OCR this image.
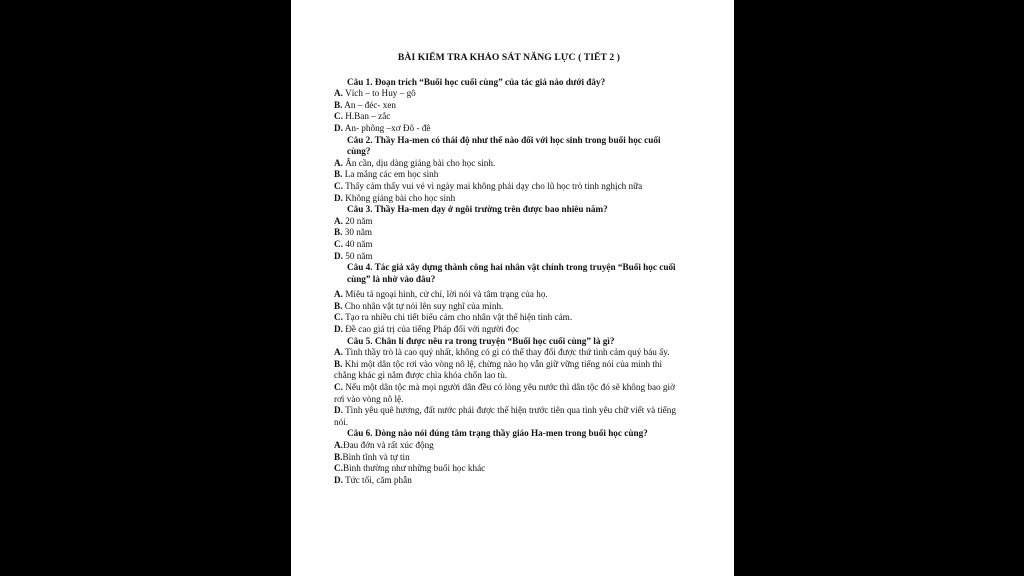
BÀI KIỂM TRA KHẢO SÁT NĂNG LỰC ( TIẾT 2 )
Câu 1. Đoạn trích “Buổi học cuối cùng” của tác giả nào dưới đây?
A. Vích – to Huy – gô
B. An – đéc- xen
C. H.Ban – zắc
D. An- phông –xơ Đô - đê
Câu 2. Thầy Ha-men có thái độ như thế nào đối với học sinh trong buổi học cuối cùng?
A. Ân cần, dịu dàng giảng bài cho học sinh.
B. La mắng các em học sinh
C. Thấy cảm thấy vui vẻ vì ngày mai không phải dạy cho lũ học trò tinh nghịch nữa
D. Không giảng bài cho học sinh
Câu 3. Thầy Ha-men dạy ở ngôi trường trên được bao nhiêu năm?
A. 20 năm
B. 30 năm
C. 40 năm
D. 50 năm
Câu 4. Tác giả xây dựng thành công hai nhân vật chính trong truyện “Buổi học cuối cùng” là nhờ vào đâu?
A. Miêu tả ngoại hình, cử chỉ, lời nói và tâm trạng của họ.
B. Cho nhân vật tự nói lên suy nghĩ của mình.
C. Tạo ra nhiều chi tiết biểu cảm cho nhân vật thể hiện tình cảm.
D. Đề cao giá trị của tiếng Pháp đối với người đọc
Câu 5. Chân lí được nêu ra trong truyện “Buổi học cuối cùng” là gì?
A. Tình thầy trò là cao quý nhất, không có gì có thể thay đổi được thứ tình cảm quý báu ấy.
B. Khi một dân tộc rơi vào vòng nô lệ, chừng nào họ vẫn giữ vững tiếng nói của mình thì chẳng khác gì nắm được chìa khóa chốn lao tù.
C. Nếu một dân tộc mà mọi người dân đều có lòng yêu nước thì dân tộc đó sẽ không bao giờ rơi vào vòng nô lệ.
D. Tình yêu quê hương, đất nước phải được thể hiện trước tiên qua tình yêu chữ viết và tiếng nói.
Câu 6. Dòng nào nói đúng tâm trạng thầy giáo Ha-men trong buổi học cùng?
A.Đau đớn và rất xúc động
B.Bình tĩnh và tự tin
C.Bình thường như những buổi học khác
D. Tức tối, căm phẫn
